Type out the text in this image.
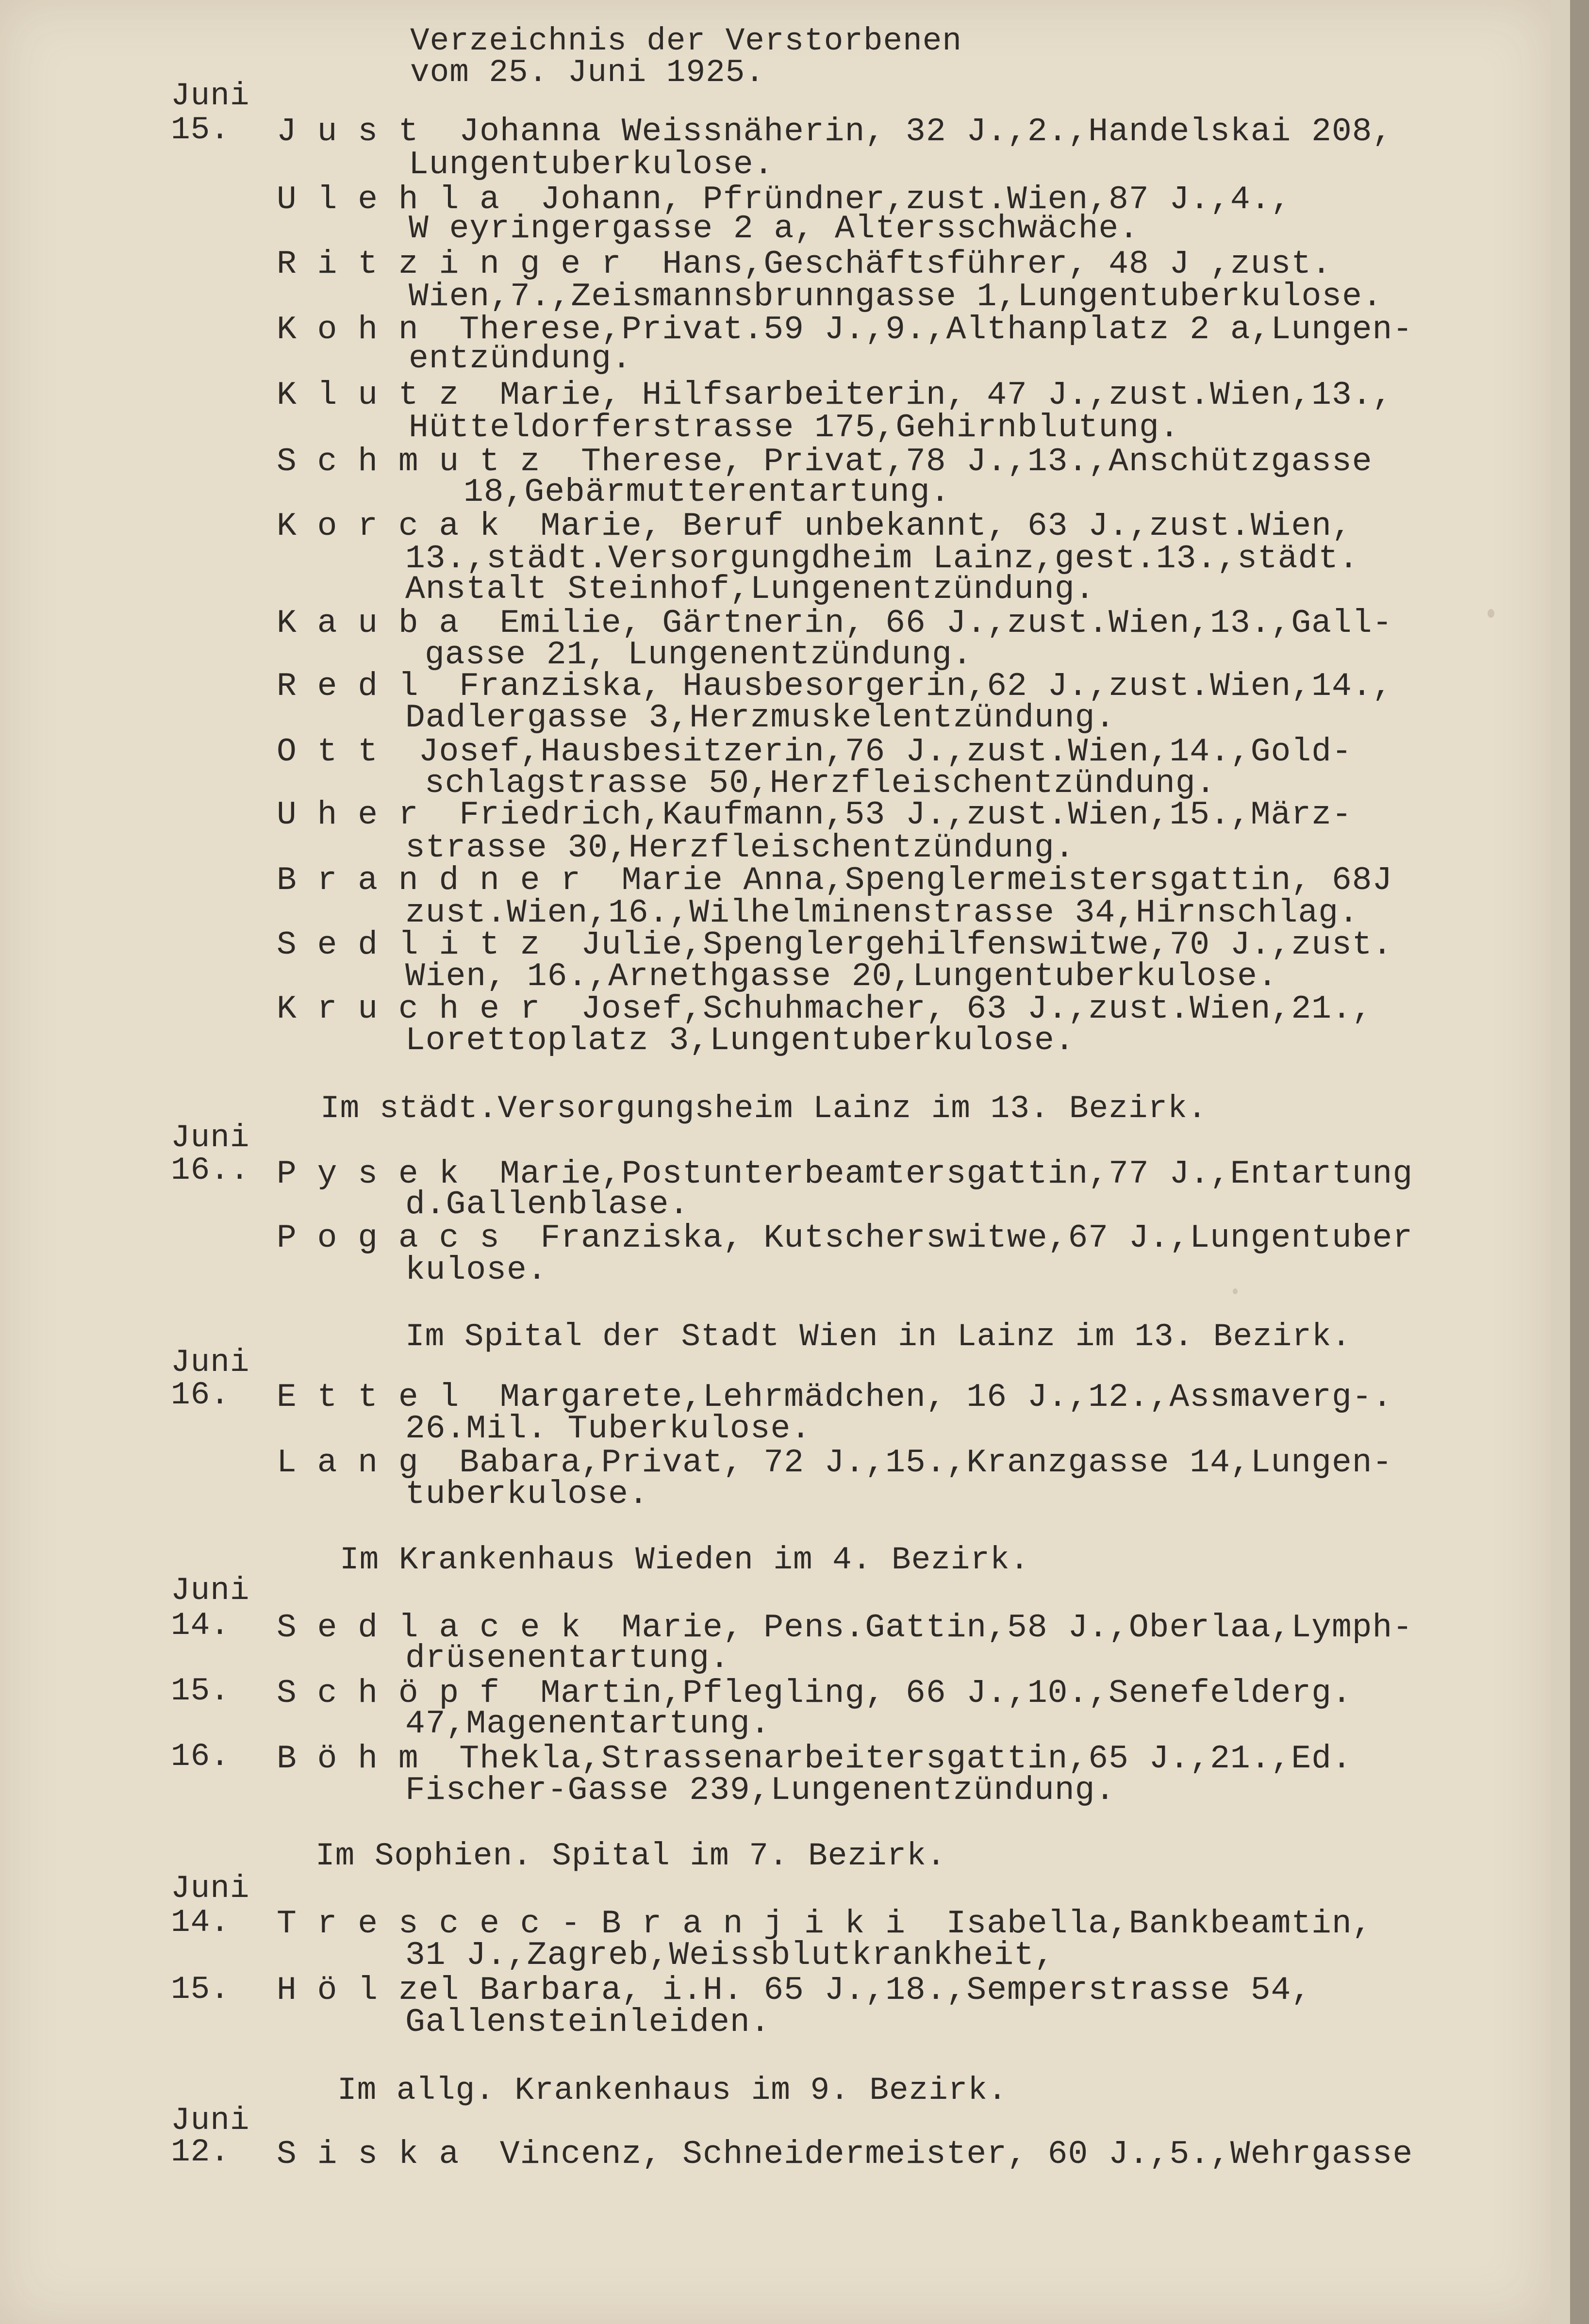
Verzeichnis der Verstorbenen
vom 25. Juni 1925.
Juni
15. J u s t  Johanna Weissnäherin, 32 J.,2.,Handelskai 208,
Lungentuberkulose.
U l e h l a  Johann, Pfründner,zust.Wien,87 J.,4.,
W eyringergasse 2 a, Altersschwäche.
R i t z i n g e r  Hans,Geschäftsführer, 48 J ,zust.
Wien,7.,Zeismannsbrunngasse 1,Lungentuberkulose.
K o h n  Therese,Privat.59 J.,9.,Althanplatz 2 a,Lungen-
entzündung.
K l u t z  Marie, Hilfsarbeiterin, 47 J.,zust.Wien,13.,
Hütteldorferstrasse 175,Gehirnblutung.
S c h m u t z  Therese, Privat,78 J.,13.,Anschützgasse
18,Gebärmutterentartung.
K o r c a k  Marie, Beruf unbekannt, 63 J.,zust.Wien,
13.,städt.Versorgungdheim Lainz,gest.13.,städt.
Anstalt Steinhof,Lungenentzündung.
K a u b a  Emilie, Gärtnerin, 66 J.,zust.Wien,13.,Gall-
gasse 21, Lungenentzündung.
R e d l  Franziska, Hausbesorgerin,62 J.,zust.Wien,14.,
Dadlergasse 3,Herzmuskelentzündung.
O t t  Josef,Hausbesitzerin,76 J.,zust.Wien,14.,Gold-
schlagstrasse 50,Herzfleischentzündung.
U h e r  Friedrich,Kaufmann,53 J.,zust.Wien,15.,März-
strasse 30,Herzfleischentzündung.
B r a n d n e r  Marie Anna,Spenglermeistersgattin, 68J
zust.Wien,16.,Wilhelminenstrasse 34,Hirnschlag.
S e d l i t z  Julie,Spenglergehilfenswitwe,70 J.,zust.
Wien, 16.,Arnethgasse 20,Lungentuberkulose.
K r u c h e r  Josef,Schuhmacher, 63 J.,zust.Wien,21.,
Lorettoplatz 3,Lungentuberkulose.
Im städt.Versorgungsheim Lainz im 13. Bezirk.
Juni
16.. P y s e k  Marie,Postunterbeamtersgattin,77 J.,Entartung
d.Gallenblase.
P o g a c s  Franziska, Kutscherswitwe,67 J.,Lungentuber
kulose.
Im Spital der Stadt Wien in Lainz im 13. Bezirk.
Juni
16. E t t e l  Margarete,Lehrmädchen, 16 J.,12.,Assmaverg-.
26.Mil. Tuberkulose.
L a n g  Babara,Privat, 72 J.,15.,Kranzgasse 14,Lungen-
tuberkulose.
Im Krankenhaus Wieden im 4. Bezirk.
Juni
14. S e d l a c e k  Marie, Pens.Gattin,58 J.,Oberlaa,Lymph-
drüsenentartung.
15. S c h ö p f  Martin,Pflegling, 66 J.,10.,Senefelderg.
47,Magenentartung.
16. B ö h m  Thekla,Strassenarbeitersgattin,65 J.,21.,Ed.
Fischer-Gasse 239,Lungenentzündung.
Im Sophien. Spital im 7. Bezirk.
Juni
14. T r e s c e c - B r a n j i k i  Isabella,Bankbeamtin,
31 J.,Zagreb,Weissblutkrankheit,
15. H ö l zel Barbara, i.H. 65 J.,18.,Semperstrasse 54,
Gallensteinleiden.
Im allg. Krankenhaus im 9. Bezirk.
Juni
12. S i s k a  Vincenz, Schneidermeister, 60 J.,5.,Wehrgasse
